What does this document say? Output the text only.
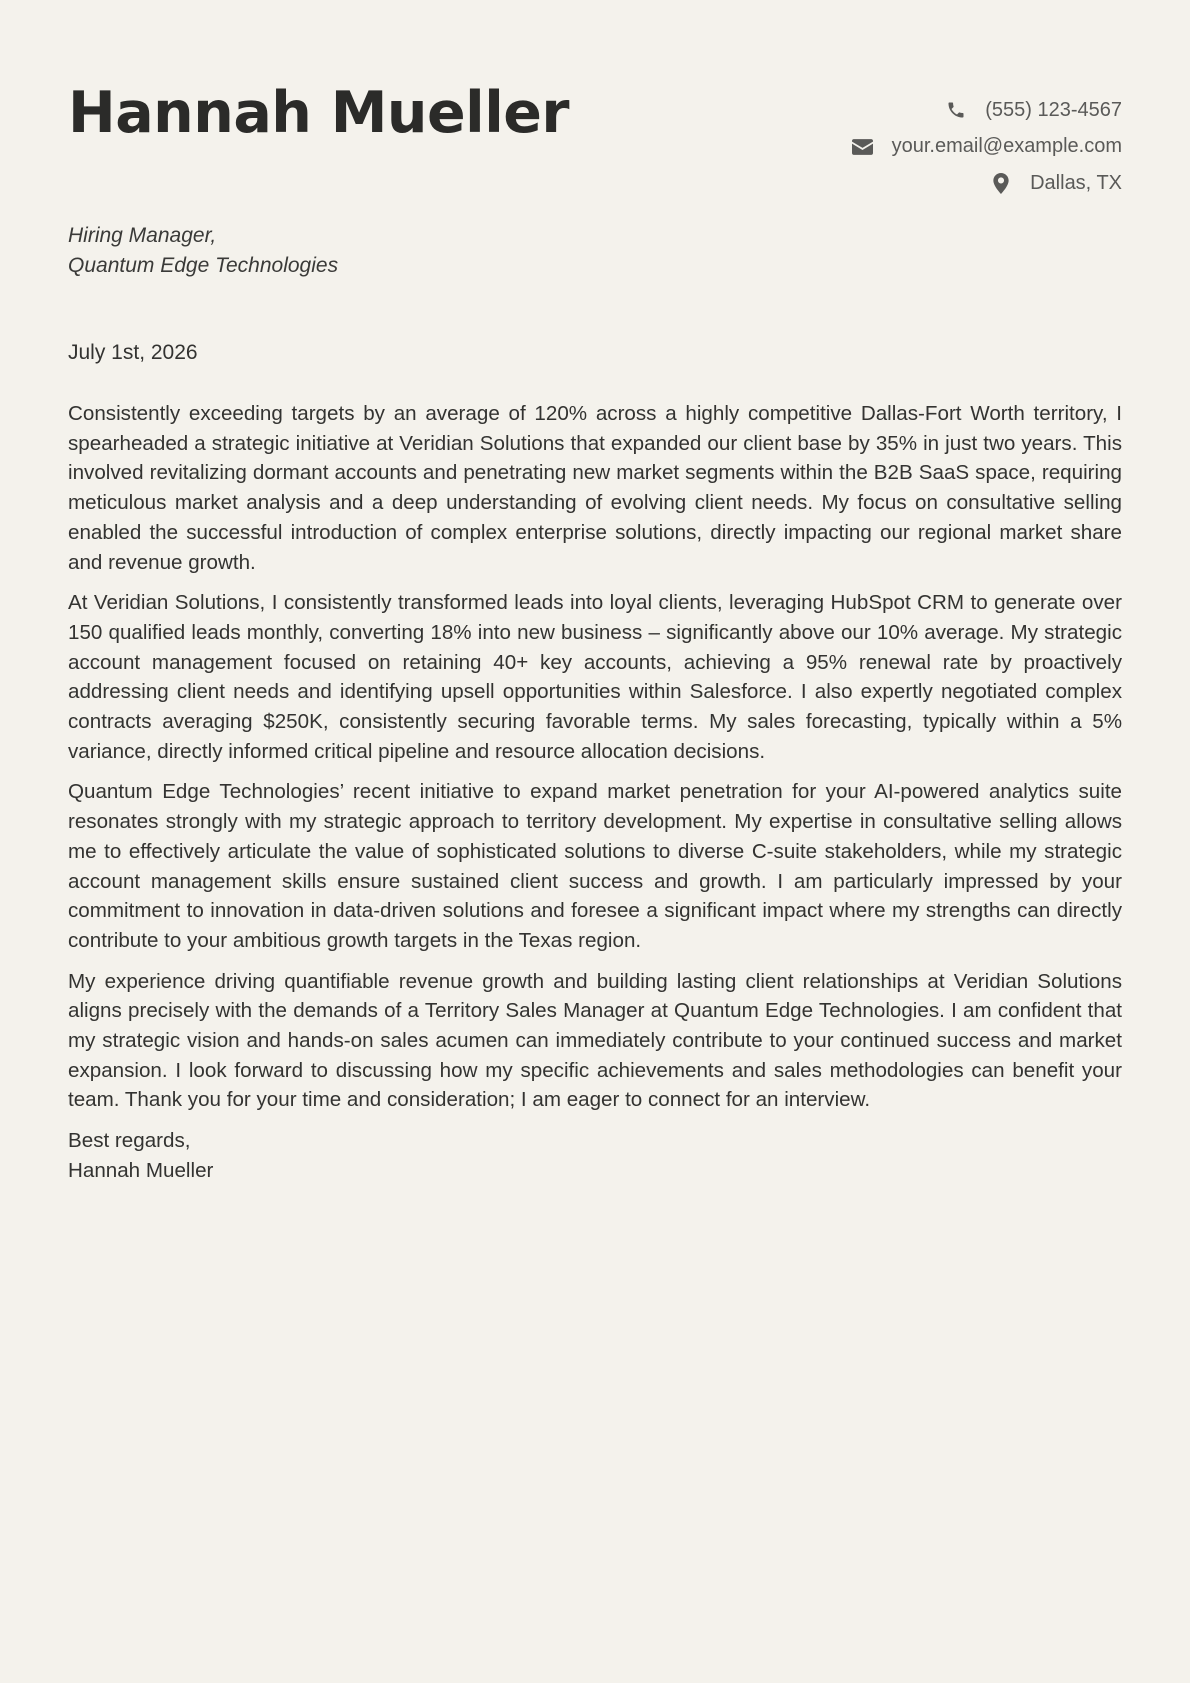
Hannah Mueller	(555) 123-4567
your.email@example.com
Dallas, TX
Hiring Manager,
Quantum Edge Technologies
July 1st, 2026

Consistently exceeding targets by an average of 120% across a highly competitive Dallas-Fort Worth territory, I spearheaded a strategic initiative at Veridian Solutions that expanded our client base by 35% in just two years. This involved revitalizing dormant accounts and penetrating new market segments within the B2B SaaS space, requiring meticulous market analysis and a deep understanding of evolving client needs. My focus on consultative selling enabled the successful introduction of complex enterprise solutions, directly impacting our regional market share and revenue growth.

At Veridian Solutions, I consistently transformed leads into loyal clients, leveraging HubSpot CRM to generate over 150 qualified leads monthly, converting 18% into new business – significantly above our 10% average. My strategic account management focused on retaining 40+ key accounts, achieving a 95% renewal rate by proactively addressing client needs and identifying upsell opportunities within Salesforce. I also expertly negotiated complex contracts averaging $250K, consistently securing favorable terms. My sales forecasting, typically within a 5% variance, directly informed critical pipeline and resource allocation decisions.

Quantum Edge Technologies’ recent initiative to expand market penetration for your AI-powered analytics suite resonates strongly with my strategic approach to territory development. My expertise in consultative selling allows me to effectively articulate the value of sophisticated solutions to diverse C-suite stakeholders, while my strategic account management skills ensure sustained client success and growth. I am particularly impressed by your commitment to innovation in data-driven solutions and foresee a significant impact where my strengths can directly contribute to your ambitious growth targets in the Texas region.

My experience driving quantifiable revenue growth and building lasting client relationships at Veridian Solutions aligns precisely with the demands of a Territory Sales Manager at Quantum Edge Technologies. I am confident that my strategic vision and hands-on sales acumen can immediately contribute to your continued success and market expansion. I look forward to discussing how my specific achievements and sales methodologies can benefit your team. Thank you for your time and consideration; I am eager to connect for an interview.

Best regards,
Hannah Mueller
